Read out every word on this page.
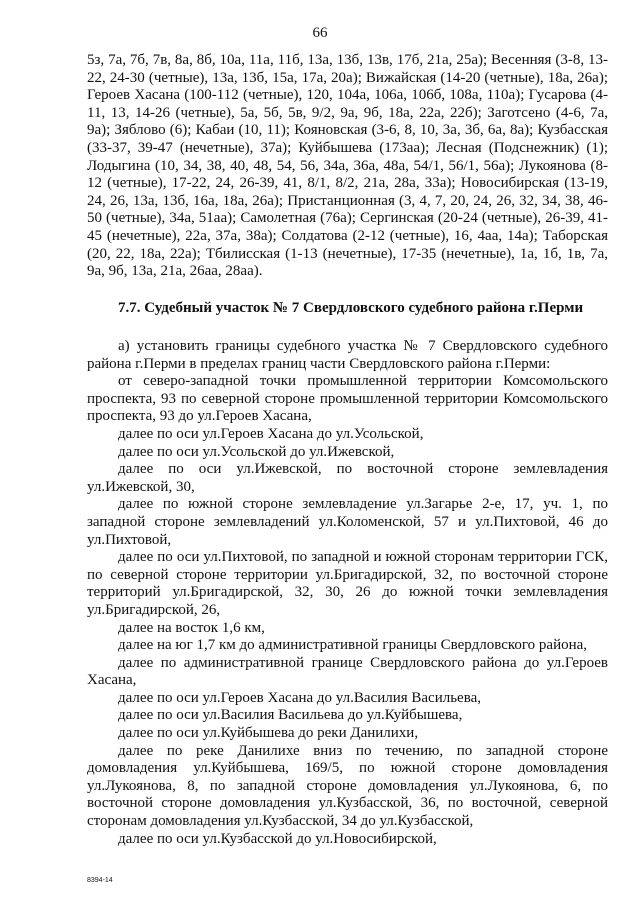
66
5з, 7а, 7б, 7в, 8а, 8б, 10а, 11а, 11б, 13а, 13б, 13в, 17б, 21а, 25а); Весенняя (3-8, 13-22, 24-30 (четные), 13а, 13б, 15а, 17а, 20а); Вижайская (14-20 (четные), 18а, 26а); Героев Хасана (100-112 (четные), 120, 104а, 106а, 106б, 108а, 110а); Гусарова (4-11, 13, 14-26 (четные), 5а, 5б, 5в, 9/2, 9а, 9б, 18а, 22а, 22б); Заготсено (4-6, 7а, 9а); Зяблово (6); Кабаи (10, 11); Кояновская (3-6, 8, 10, 3а, 3б, 6а, 8а); Кузбасская (33-37, 39-47 (нечетные), 37а); Куйбышева (173аа); Лесная (Подснежник) (1); Лодыгина (10, 34, 38, 40, 48, 54, 56, 34а, 36а, 48а, 54/1, 56/1, 56а); Лукоянова (8-12 (четные), 17-22, 24, 26-39, 41, 8/1, 8/2, 21а, 28а, 33а); Новосибирская (13-19, 24, 26, 13а, 13б, 16а, 18а, 26а); Пристанционная (3, 4, 7, 20, 24, 26, 32, 34, 38, 46-50 (четные), 34а, 51аа); Самолетная (76а); Сергинская (20-24 (четные), 26-39, 41-45 (нечетные), 22а, 37а, 38а); Солдатова (2-12 (четные), 16, 4аа, 14а); Таборская (20, 22, 18а, 22а); Тбилисская (1-13 (нечетные), 17-35 (нечетные), 1а, 1б, 1в, 7а, 9а, 9б, 13а, 21а, 26аа, 28аа).
7.7. Судебный участок № 7 Свердловского судебного района г.Перми

а) установить границы судебного участка № 7 Свердловского судебного района г.Перми в пределах границ части Свердловского района г.Перми:

от северо-западной точки промышленной территории Комсомольского проспекта, 93 по северной стороне промышленной территории Комсомольского проспекта, 93 до ул.Героев Хасана,

далее по оси ул.Героев Хасана до ул.Усольской,

далее по оси ул.Усольской до ул.Ижевской,

далее по оси ул.Ижевской, по восточной стороне землевладения ул.Ижевской, 30,

далее по южной стороне землевладение ул.Загарье 2-е, 17, уч. 1, по западной стороне землевладений ул.Коломенской, 57 и ул.Пихтовой, 46 до ул.Пихтовой,

далее по оси ул.Пихтовой, по западной и южной сторонам территории ГСК, по северной стороне территории ул.Бригадирской, 32, по восточной стороне территорий ул.Бригадирской, 32, 30, 26 до южной точки землевладения ул.Бригадирской, 26,

далее на восток 1,6 км,

далее на юг 1,7 км до административной границы Свердловского района,

далее по административной границе Свердловского района до ул.Героев Хасана,

далее по оси ул.Героев Хасана до ул.Василия Васильева,

далее по оси ул.Василия Васильева до ул.Куйбышева,

далее по оси ул.Куйбышева до реки Данилихи,

далее по реке Данилихе вниз по течению, по западной стороне домовладения ул.Куйбышева, 169/5, по южной стороне домовладения ул.Лукоянова, 8, по западной стороне домовладения ул.Лукоянова, 6, по восточной стороне домовладения ул.Кузбасской, 36, по восточной, северной сторонам домовладения ул.Кузбасской, 34 до ул.Кузбасской,

далее по оси ул.Кузбасской до ул.Новосибирской,

8394-14
